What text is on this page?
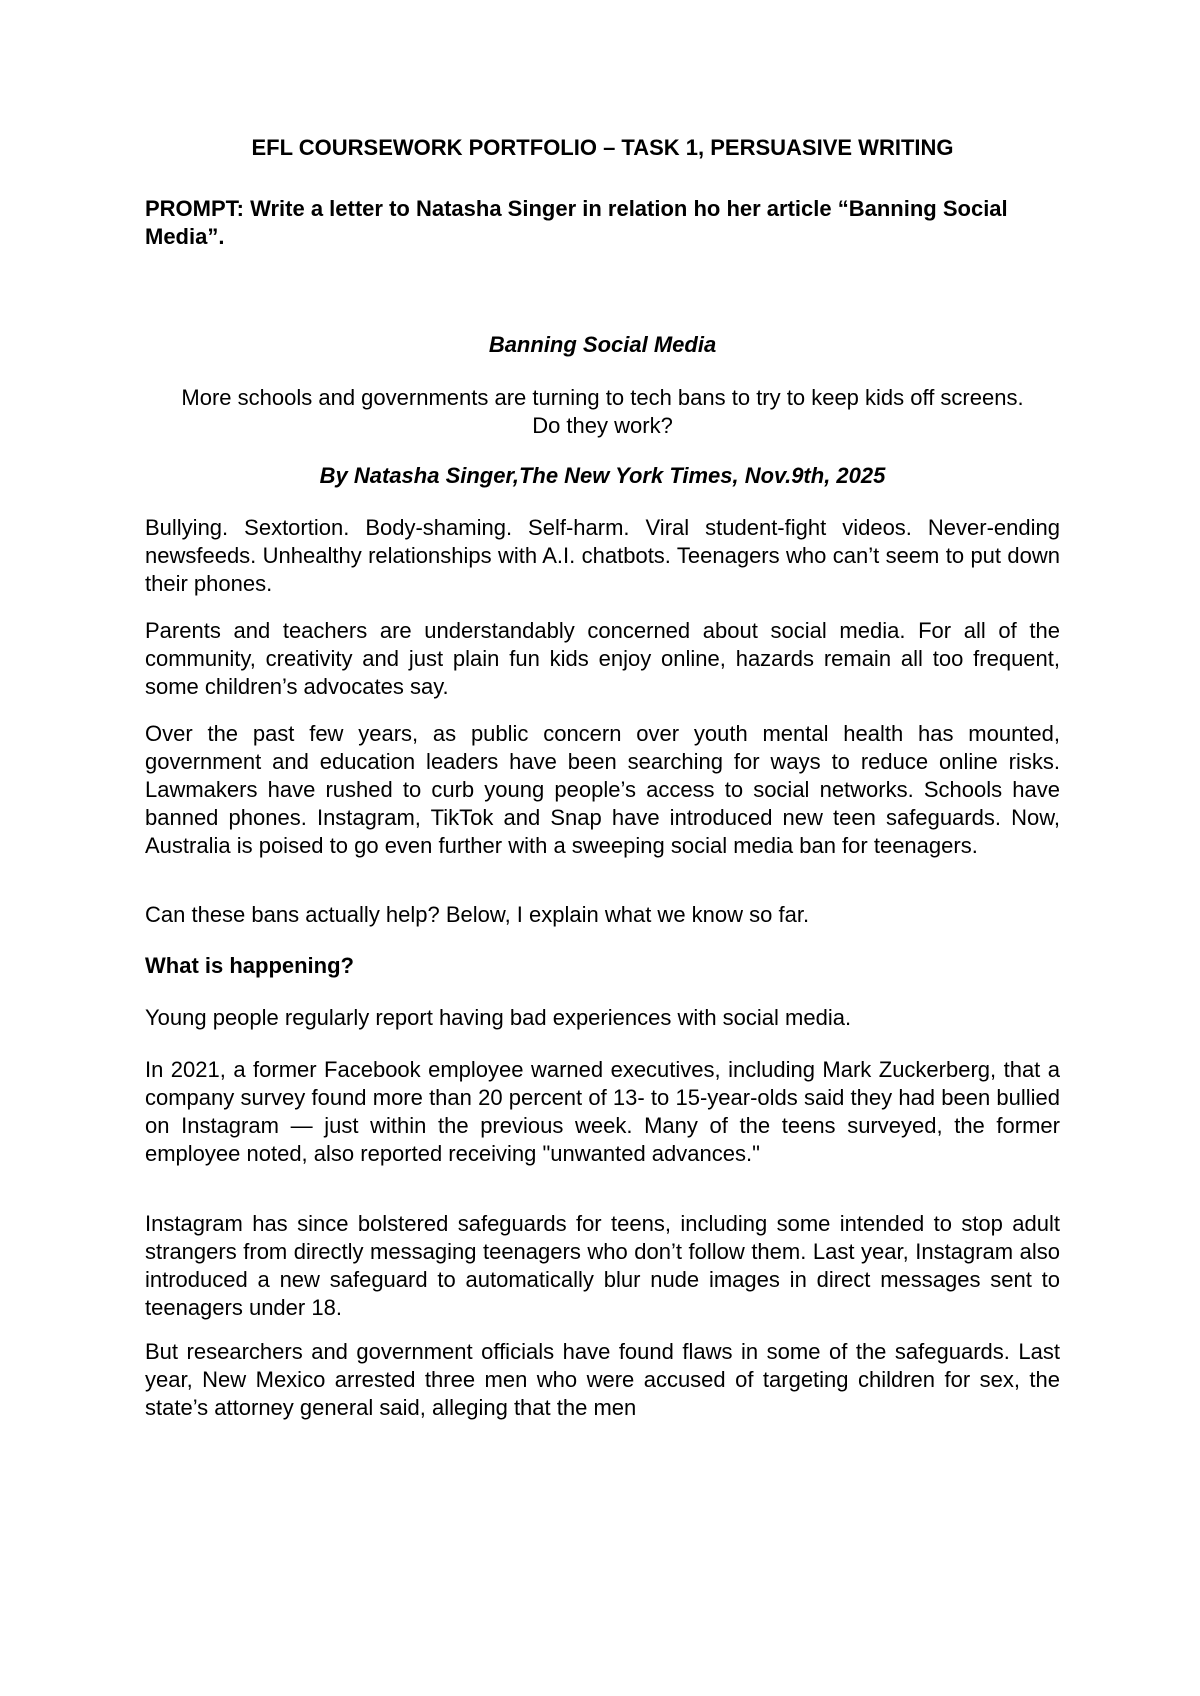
EFL COURSEWORK PORTFOLIO – TASK 1, PERSUASIVE WRITING

PROMPT: Write a letter to Natasha Singer in relation ho her article “Banning Social Media”.

Banning Social Media

More schools and governments are turning to tech bans to try to keep kids off screens. Do they work?

By Natasha Singer,The New York Times, Nov.9th, 2025

Bullying. Sextortion. Body-shaming. Self-harm. Viral student-fight videos. Never-ending newsfeeds. Unhealthy relationships with A.I. chatbots. Teenagers who can’t seem to put down their phones.

Parents and teachers are understandably concerned about social media. For all of the community, creativity and just plain fun kids enjoy online, hazards remain all too frequent, some children’s advocates say.

Over the past few years, as public concern over youth mental health has mounted, government and education leaders have been searching for ways to reduce online risks. Lawmakers have rushed to curb young people’s access to social networks. Schools have banned phones. Instagram, TikTok and Snap have introduced new teen safeguards. Now, Australia is poised to go even further with a sweeping social media ban for teenagers.

Can these bans actually help? Below, I explain what we know so far.

What is happening?

Young people regularly report having bad experiences with social media.

In 2021, a former Facebook employee warned executives, including Mark Zuckerberg, that a company survey found more than 20 percent of 13- to 15-year-olds said they had been bullied on Instagram — just within the previous week. Many of the teens surveyed, the former employee noted, also reported receiving "unwanted advances."

Instagram has since bolstered safeguards for teens, including some intended to stop adult strangers from directly messaging teenagers who don’t follow them. Last year, Instagram also introduced a new safeguard to automatically blur nude images in direct messages sent to teenagers under 18.

But researchers and government officials have found flaws in some of the safeguards. Last year, New Mexico arrested three men who were accused of targeting children for sex, the state’s attorney general said, alleging that the men
